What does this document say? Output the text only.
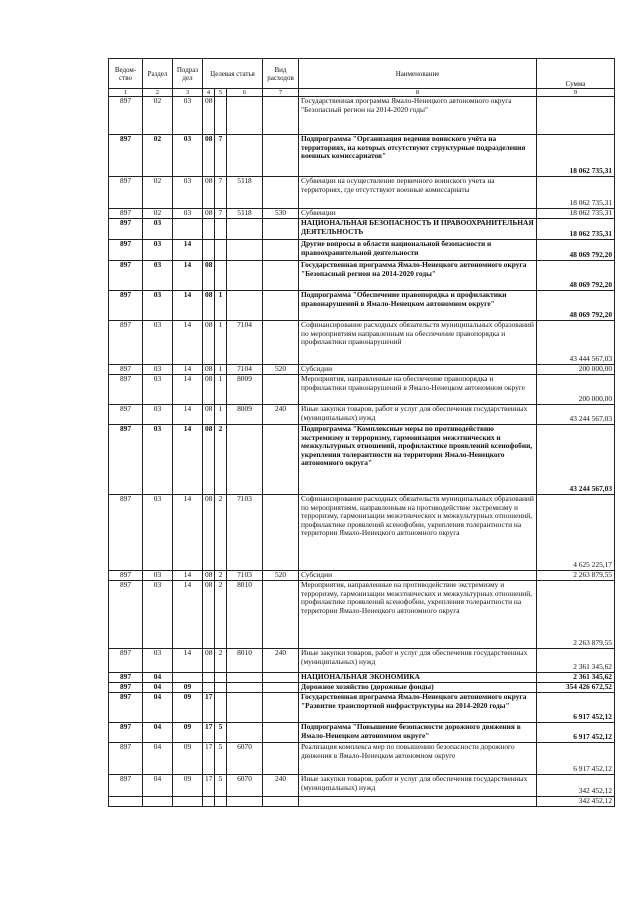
Ведом-ство	Раздел	Подраз дел	Целевая статья			Вид расходов	Наименование	Сумма
1	2	3	4	5	6	7	8	9
897	02	03	08				Государственная программа Ямало-Ненецкого автономного округа "Безопасный регион на 2014-2020 годы"	
897	02	03	08	7			Подпрограмма "Организация ведения воинского учёта на территориях, на которых отсутствуют структурные подразделения военных комиссариатов"	18 062 735,31
897	02	03	08	7	5118		Субвенции на осуществление первичного воинского учета на территориях, где отсутствуют военные комиссариаты	18 062 735,31
897	02	03	08	7	5118	530	Субвенции	18 062 735,31
897	03						НАЦИОНАЛЬНАЯ БЕЗОПАСНОСТЬ И ПРАВООХРАНИТЕЛЬНАЯ ДЕЯТЕЛЬНОСТЬ	18 062 735,31
897	03	14					Другие вопросы в области национальной безопасности и правоохранительной деятельности	48 069 792,20
897	03	14	08				Государственная программа Ямало-Ненецкого автономного округа "Безопасный регион на 2014-2020 годы"	48 069 792,20
897	03	14	08	1			Подпрограмма "Обеспечение правопорядка и профилактики правонарушений в Ямало-Ненецком автономном округе"	48 069 792,20
897	03	14	08	1	7104		Софинансирование расходных обязательств муниципальных образований по мероприятиям направленным на обеспечение правопорядка и профилактики правонарушений	43 444 567,03
897	03	14	08	1	7104	520	Субсидии	200 000,00
897	03	14	08	1	8009		Мероприятия, направленные на обеспечение правопорядка и профилактики правонарушений в Ямало-Ненецком автономном округе	200 000,00
897	03	14	08	1	8009	240	Иные закупки товаров, работ и услуг для обеспечения государственных (муниципальных) нужд	43 244 567,03
897	03	14	08	2			Подпрограмма "Комплексные меры по противодействию экстремизму и терроризму, гармонизация межэтнических и межкультурных отношений, профилактике проявлений ксенофобии, укрепления толерантности на территории Ямало-Ненецкого автономного округа"	43 244 567,03
897	03	14	08	2	7103		Софинансирование расходных обязательств муниципальных образований по мероприятиям, направленным на противодействие экстремизму и терроризму, гармонизации межэтнических и межкультурных отношений, профилактике проявлений ксенофобии, укрепления толерантности на территории Ямало-Ненецкого автономного округа	4 625 225,17
897	03	14	08	2	7103	520	Субсидии	2 263 879,55
897	03	14	08	2	8010		Мероприятия, направленные на противодействие экстремизму и терроризму, гармонизации межэтнических и межкультурных отношений, профилактике проявлений ксенофобии, укрепления толерантности на территории Ямало-Ненецкого автономного округа	2 263 879,55
897	03	14	08	2	8010	240	Иные закупки товаров, работ и услуг для обеспечения государственных (муниципальных) нужд	2 361 345,62
897	04						НАЦИОНАЛЬНАЯ ЭКОНОМИКА	2 361 345,62
897	04	09					Дорожное хозяйство (дорожные фонды)	354 426 672,52
897	04	09	17				Государственная программа Ямало-Ненецкого автономного округа "Развитие транспортной инфраструктуры на 2014-2020 годы"	6 917 452,12
897	04	09	17	5			Подпрограмма "Повышение безопасности дорожного движения в Ямало-Ненецком автономном округе"	6 917 452,12
897	04	09	17	5	6070		Реализация комплекса мер по повышению безопасности дорожного движения в Ямало-Ненецком автономном округе	6 917 452,12
897	04	09	17	5	6070	240	Иные закупки товаров, работ и услуг для обеспечения государственных (муниципальных) нужд	342 452,12
								342 452,12
